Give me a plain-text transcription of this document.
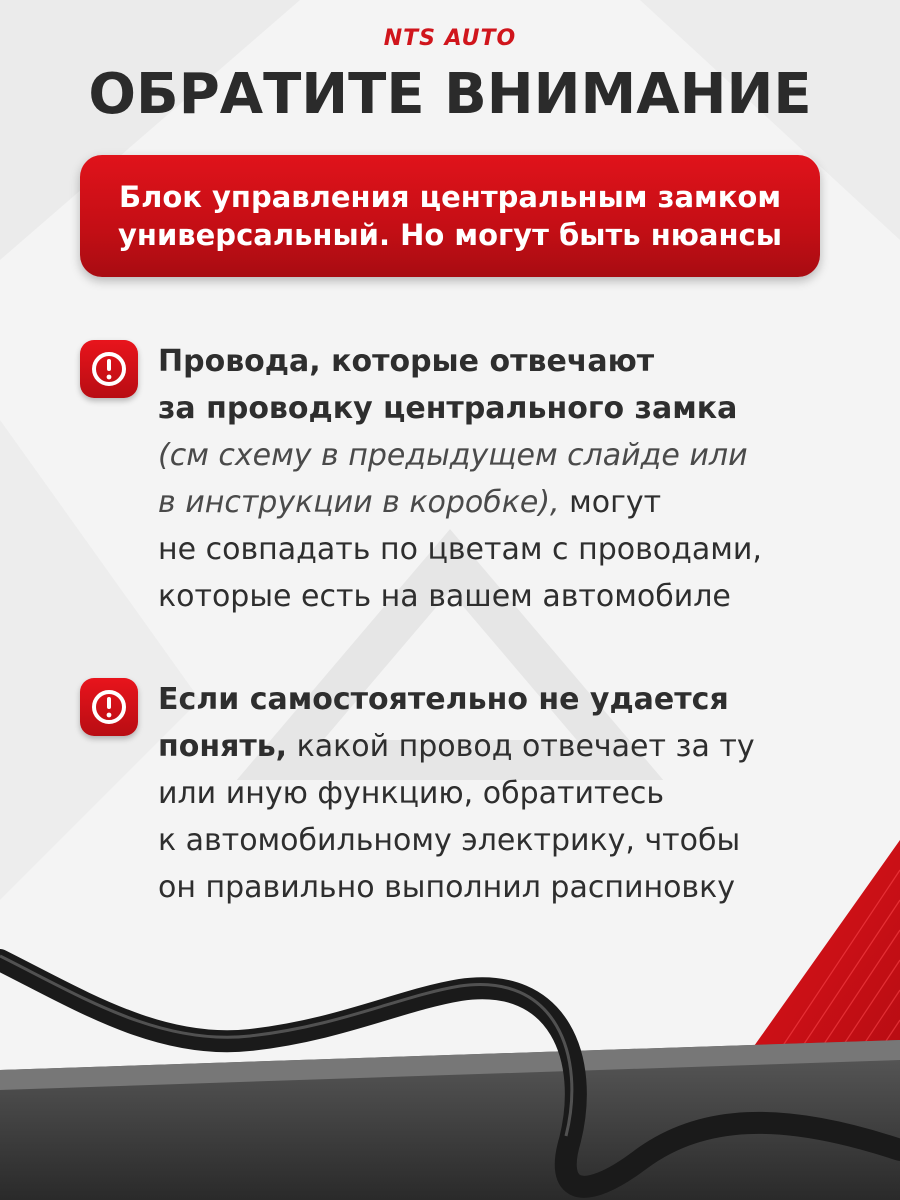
NTS AUTO
ОБРАТИТЕ ВНИМАНИЕ
Блок управления центральным замком
универсальный. Но могут быть нюансы
Провода, которые отвечают
за проводку центрального замка
(см схему в предыдущем слайде или
в инструкции в коробке), могут
не совпадать по цветам с проводами,
которые есть на вашем автомобиле
Если самостоятельно не удается
понять, какой провод отвечает за ту
или иную функцию, обратитесь
к автомобильному электрику, чтобы
он правильно выполнил распиновку
